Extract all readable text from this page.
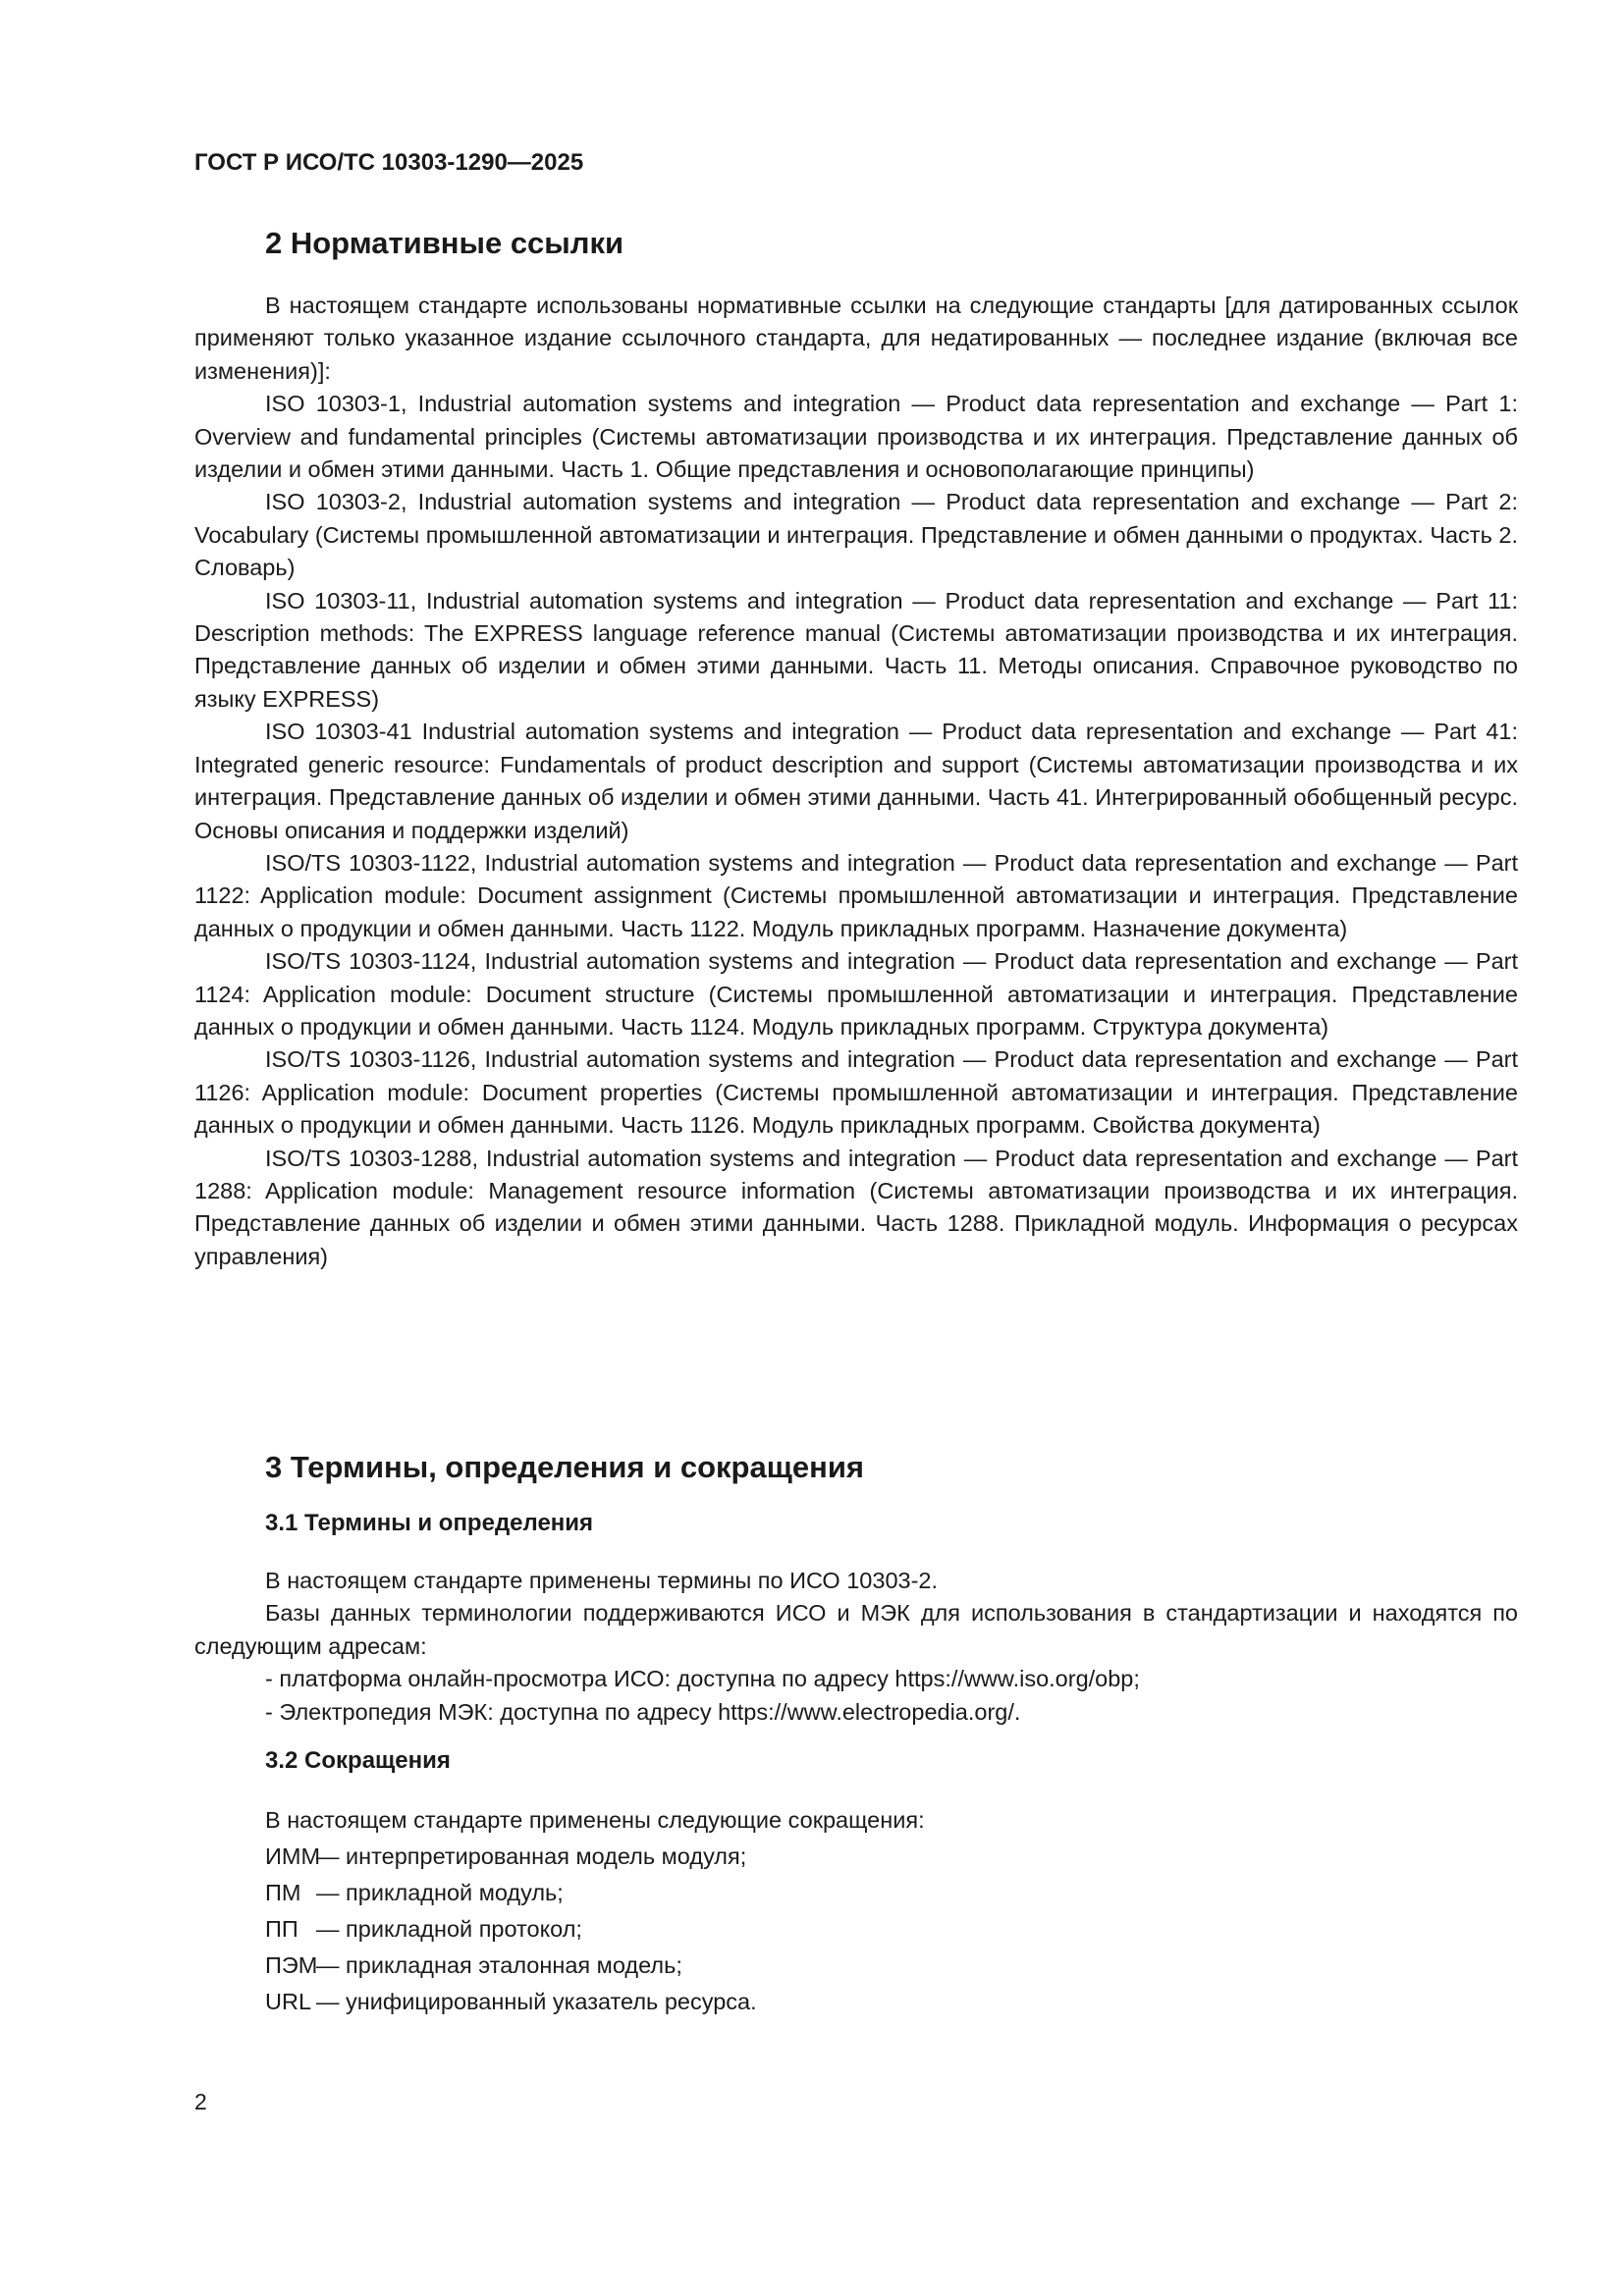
ГОСТ Р ИСО/ТС 10303-1290—2025
2 Нормативные ссылки

В настоящем стандарте использованы нормативные ссылки на следующие стандарты [для датированных ссылок применяют только указанное издание ссылочного стандарта, для недатированных — последнее издание (включая все изменения)]:

ISO 10303-1, Industrial automation systems and integration — Product data representation and exchange — Part 1: Overview and fundamental principles (Системы автоматизации производства и их интеграция. Представление данных об изделии и обмен этими данными. Часть 1. Общие представления и основополагающие принципы)

ISO 10303-2, Industrial automation systems and integration — Product data representation and exchange — Part 2: Vocabulary (Системы промышленной автоматизации и интеграция. Представление и обмен данными о продуктах. Часть 2. Словарь)

ISO 10303-11, Industrial automation systems and integration — Product data representation and exchange — Part 11: Description methods: The EXPRESS language reference manual (Системы автоматизации производства и их интеграция. Представление данных об изделии и обмен этими данными. Часть 11. Методы описания. Справочное руководство по языку EXPRESS)

ISO 10303-41 Industrial automation systems and integration — Product data representation and exchange — Part 41: Integrated generic resource: Fundamentals of product description and support (Системы автоматизации производства и их интеграция. Представление данных об изделии и обмен этими данными. Часть 41. Интегрированный обобщенный ресурс. Основы описания и поддержки изделий)

ISO/TS 10303-1122, Industrial automation systems and integration — Product data representation and exchange — Part 1122: Application module: Document assignment (Системы промышленной автоматизации и интеграция. Представление данных о продукции и обмен данными. Часть 1122. Модуль прикладных программ. Назначение документа)

ISO/TS 10303-1124, Industrial automation systems and integration — Product data representation and exchange — Part 1124: Application module: Document structure (Системы промышленной автоматизации и интеграция. Представление данных о продукции и обмен данными. Часть 1124. Модуль прикладных программ. Структура документа)

ISO/TS 10303-1126, Industrial automation systems and integration — Product data representation and exchange — Part 1126: Application module: Document properties (Системы промышленной автоматизации и интеграция. Представление данных о продукции и обмен данными. Часть 1126. Модуль прикладных программ. Свойства документа)

ISO/TS 10303-1288, Industrial automation systems and integration — Product data representation and exchange — Part 1288: Application module: Management resource information (Системы автоматизации производства и их интеграция. Представление данных об изделии и обмен этими данными. Часть 1288. Прикладной модуль. Информация о ресурсах управления)

3 Термины, определения и сокращения
3.1 Термины и определения

В настоящем стандарте применены термины по ИСО 10303-2.

Базы данных терминологии поддерживаются ИСО и МЭК для использования в стандартизации и находятся по следующим адресам:

- платформа онлайн-просмотра ИСО: доступна по адресу https://www.iso.org/obp;

- Электропедия МЭК: доступна по адресу https://www.electropedia.org/.

3.2 Сокращения

В настоящем стандарте применены следующие сокращения:

ИММ
— интерпретированная модель модуля;
ПМ — прикладной модуль;
ПП — прикладной протокол;
ПЭМ
— прикладная эталонная модель;
URL — унифицированный указатель ресурса.
2
